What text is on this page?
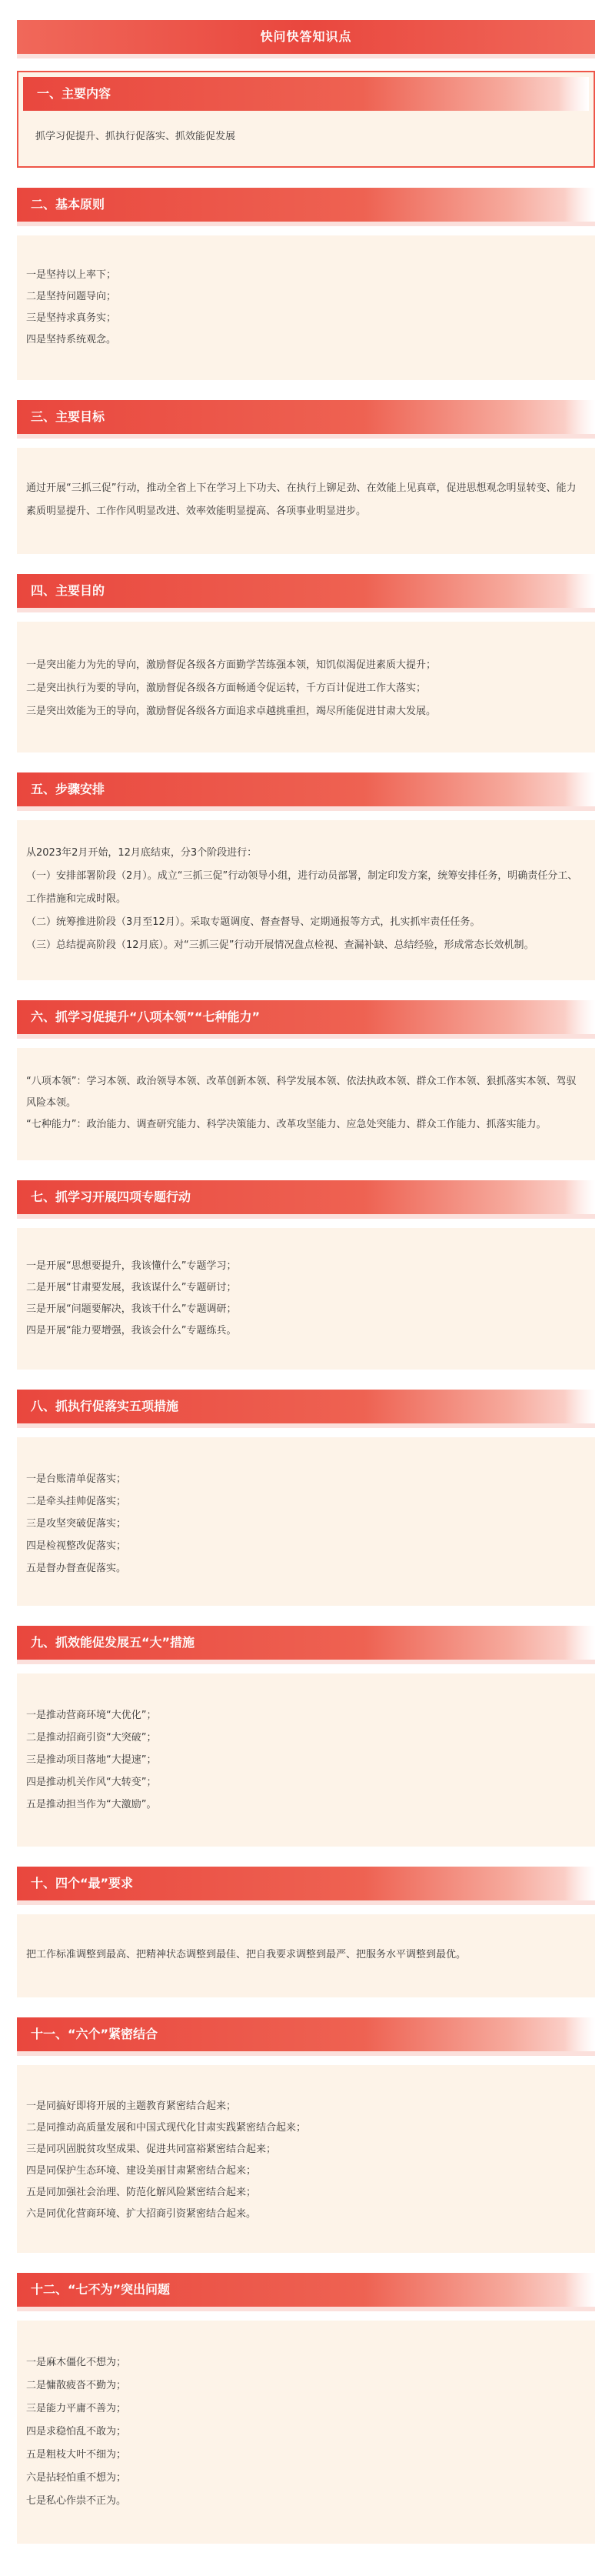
快问快答知识点
一、主要内容

抓学习促提升、抓执行促落实、抓效能促发展

二、基本原则

一是坚持以上率下；

二是坚持问题导向；

三是坚持求真务实；

四是坚持系统观念。

三、主要目标

通过开展“三抓三促”行动，推动全省上下在学习上下功夫、在执行上铆足劲、在效能上见真章，促进思想观念明显转变、能力素质明显提升、工作作风明显改进、效率效能明显提高、各项事业明显进步。

四、主要目的

一是突出能力为先的导向，激励督促各级各方面勤学苦练强本领，知饥似渴促进素质大提升；

二是突出执行为要的导向，激励督促各级各方面畅通令促运转，千方百计促进工作大落实；

三是突出效能为王的导向，激励督促各级各方面追求卓越挑重担，竭尽所能促进甘肃大发展。

五、步骤安排

从2023年2月开始，12月底结束，分3个阶段进行：

（一）安排部署阶段（2月）。成立“三抓三促”行动领导小组，进行动员部署，制定印发方案，统筹安排任务，明确责任分工、工作措施和完成时限。

（二）统筹推进阶段（3月至12月）。采取专题调度、督查督导、定期通报等方式，扎实抓牢责任任务。

（三）总结提高阶段（12月底）。对“三抓三促”行动开展情况盘点检视、查漏补缺、总结经验，形成常态长效机制。

六、抓学习促提升“八项本领”“七种能力”

“八项本领”：学习本领、政治领导本领、改革创新本领、科学发展本领、依法执政本领、群众工作本领、狠抓落实本领、驾驭风险本领。

“七种能力”：政治能力、调查研究能力、科学决策能力、改革攻坚能力、应急处突能力、群众工作能力、抓落实能力。

七、抓学习开展四项专题行动

一是开展“思想要提升，我该懂什么”专题学习；

二是开展“甘肃要发展，我该谋什么”专题研讨；

三是开展“问题要解决，我该干什么”专题调研；

四是开展“能力要增强，我该会什么”专题练兵。

八、抓执行促落实五项措施

一是台账清单促落实；

二是牵头挂帅促落实；

三是攻坚突破促落实；

四是检视整改促落实；

五是督办督查促落实。

九、抓效能促发展五“大”措施

一是推动营商环境“大优化”；

二是推动招商引资“大突破”；

三是推动项目落地“大提速”；

四是推动机关作风“大转变”；

五是推动担当作为“大激励”。

十、四个“最”要求

把工作标准调整到最高、把精神状态调整到最佳、把自我要求调整到最严、把服务水平调整到最优。

十一、“六个”紧密结合

一是同搞好即将开展的主题教育紧密结合起来；

二是同推动高质量发展和中国式现代化甘肃实践紧密结合起来；

三是同巩固脱贫攻坚成果、促进共同富裕紧密结合起来；

四是同保护生态环境、建设美丽甘肃紧密结合起来；

五是同加强社会治理、防范化解风险紧密结合起来；

六是同优化营商环境、扩大招商引资紧密结合起来。

十二、“七不为”突出问题

一是麻木僵化不想为；

二是慵散疲沓不勤为；

三是能力平庸不善为；

四是求稳怕乱不敢为；

五是粗枝大叶不细为；

六是拈轻怕重不想为；

七是私心作祟不正为。
